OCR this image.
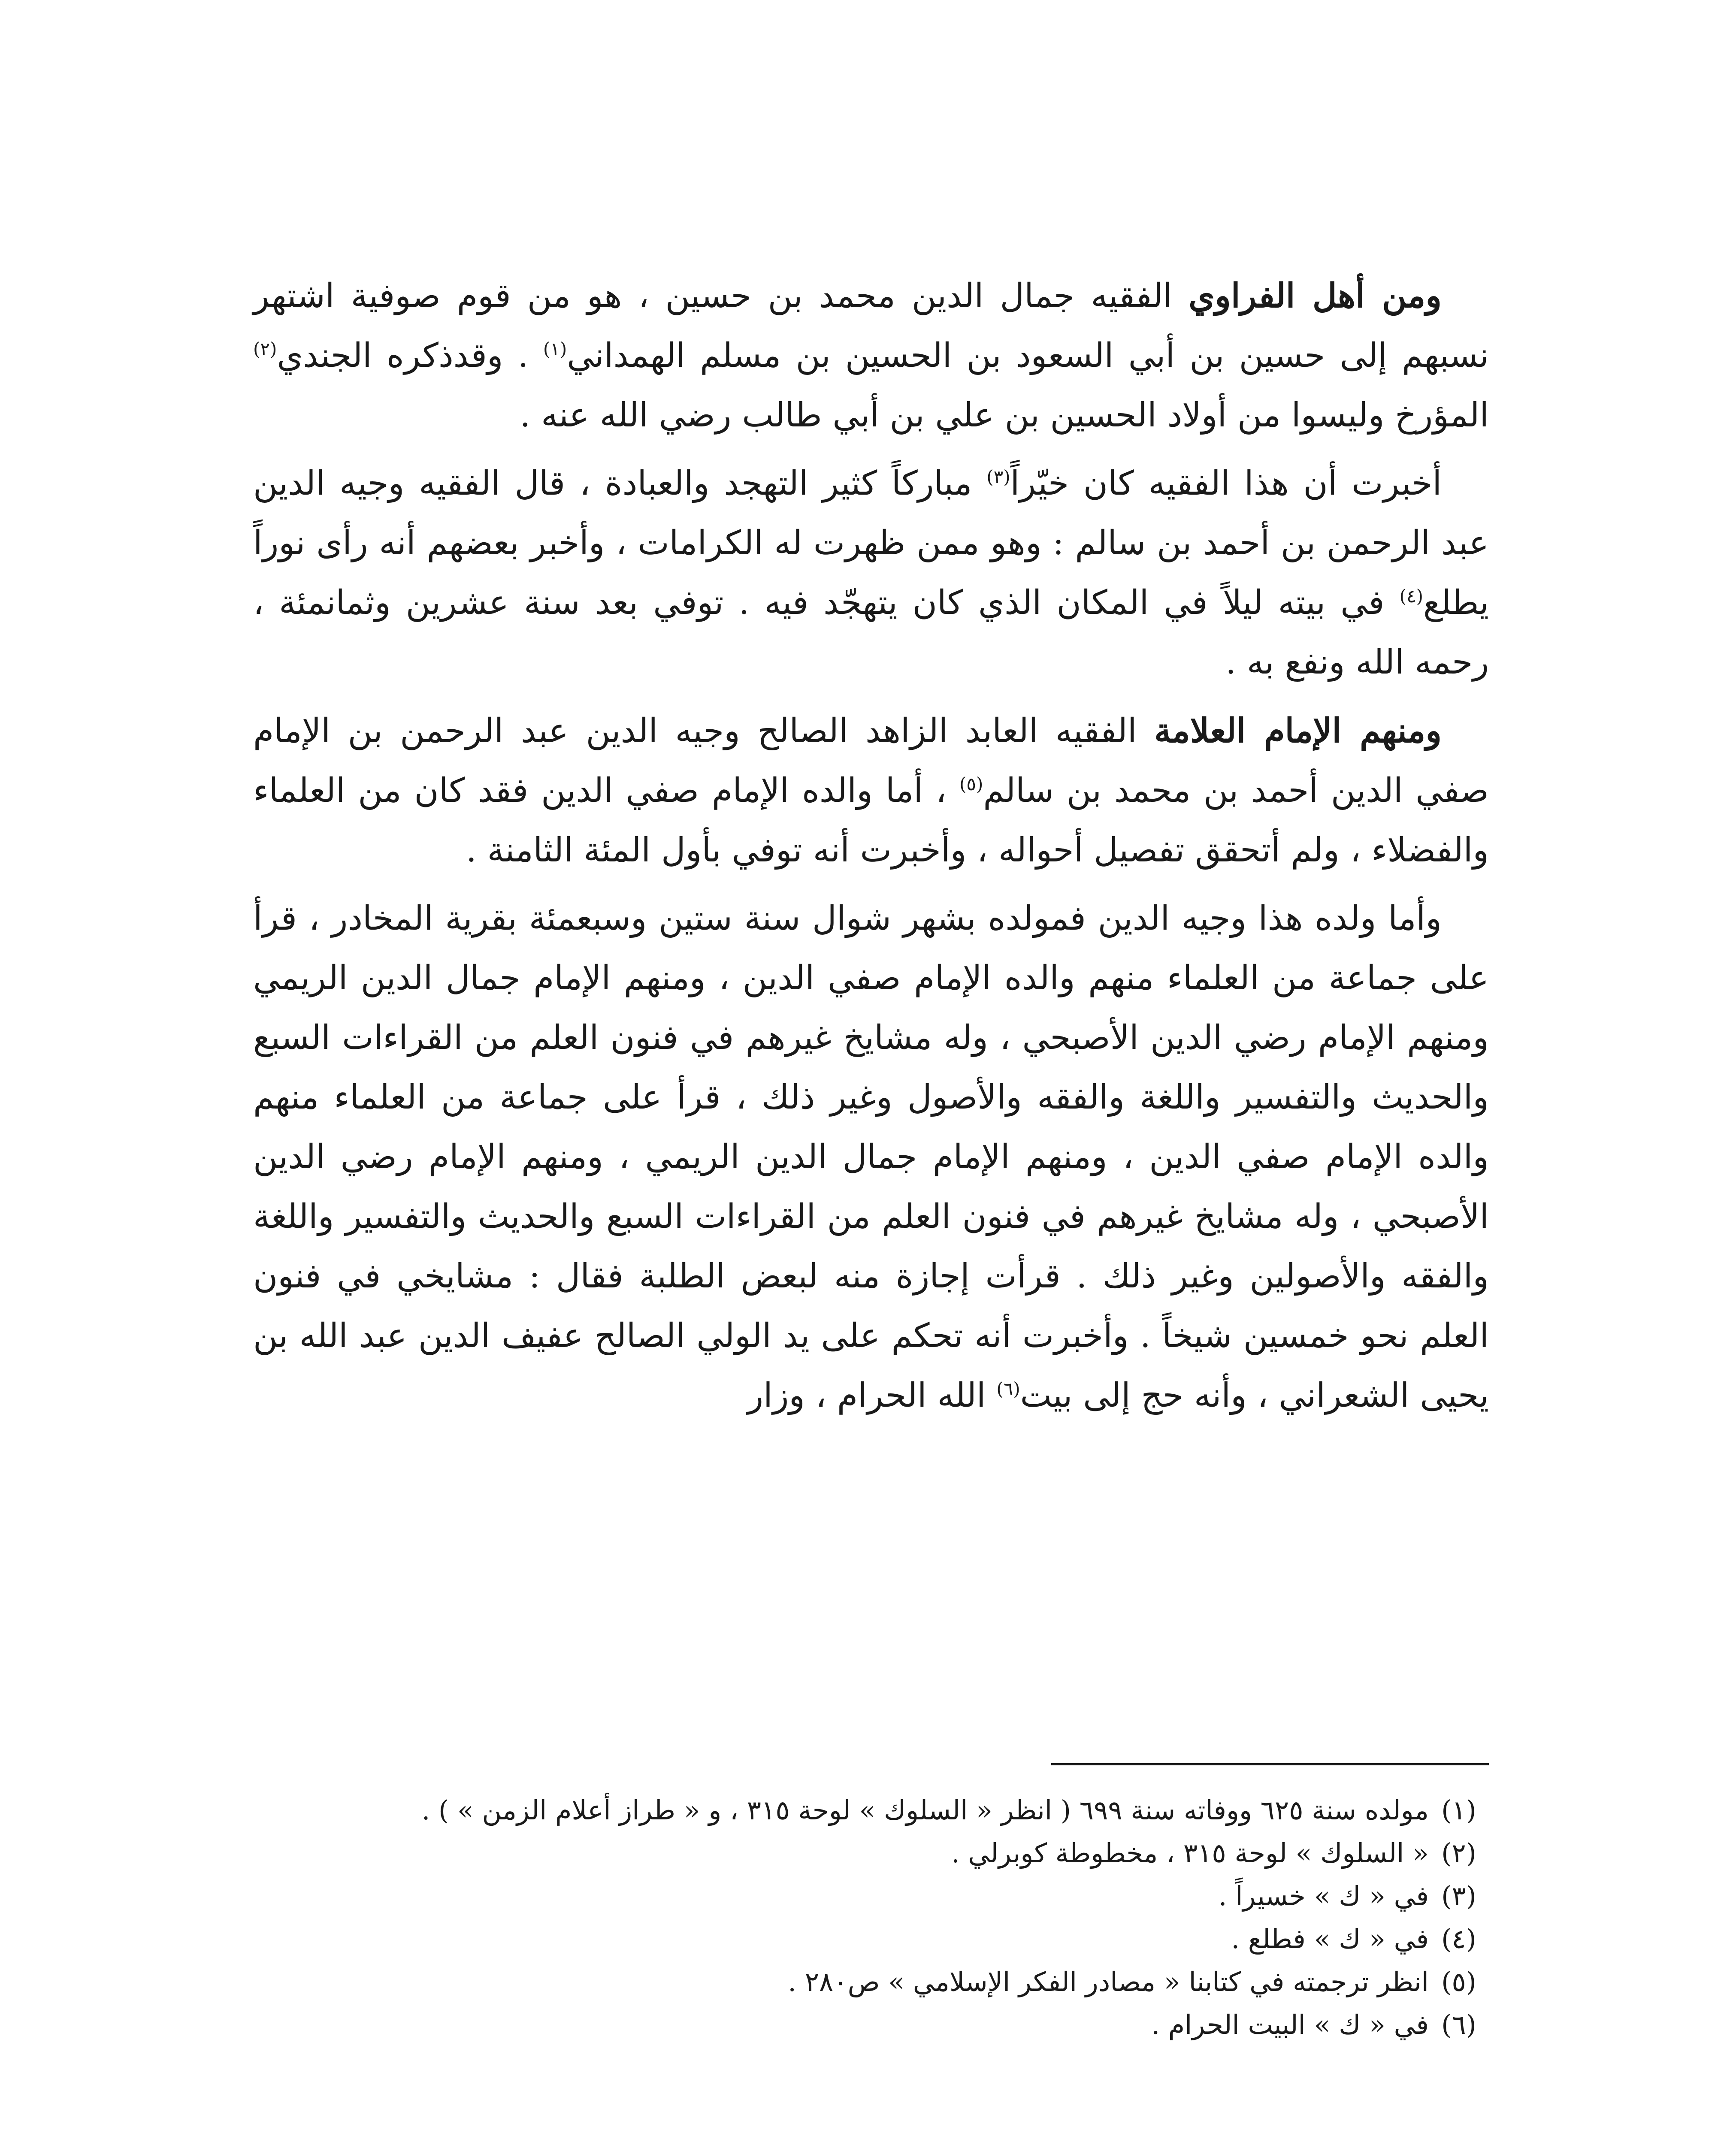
ومن أهل الفراوي الفقيه جمال الدين محمد بن حسين ، هو من قوم صوفية اشتهر نسبهم إلى حسين بن أبي السعود بن الحسين بن مسلم الهمداني$^{(١)}$ . وقدذكره الجندي$^{(٢)}$ المؤرخ وليسوا من أولاد الحسين بن علي بن أبي طالب رضي الله عنه .

أخبرت أن هذا الفقيه كان خيّراً$^{(٣)}$ مباركاً كثير التهجد والعبادة ، قال الفقيه وجيه الدين عبد الرحمن بن أحمد بن سالم : وهو ممن ظهرت له الكرامات ، وأخبر بعضهم أنه رأى نوراً يطلع$^{(٤)}$ في بيته ليلاً في المكان الذي كان يتهجّد فيه . توفي بعد سنة عشرين وثمانمئة ، رحمه الله ونفع به .

ومنهم الإمام العلامة الفقيه العابد الزاهد الصالح وجيه الدين عبد الرحمن بن الإمام صفي الدين أحمد بن محمد بن سالم$^{(٥)}$ ، أما والده الإمام صفي الدين فقد كان من العلماء والفضلاء ، ولم أتحقق تفصيل أحواله ، وأخبرت أنه توفي بأول المئة الثامنة .

وأما ولده هذا وجيه الدين فمولده بشهر شوال سنة ستين وسبعمئة بقرية المخادر ، قرأ على جماعة من العلماء منهم والده الإمام صفي الدين ، ومنهم الإمام جمال الدين الريمي ومنهم الإمام رضي الدين الأصبحي ، وله مشايخ غيرهم في فنون العلم من القراءات السبع والحديث والتفسير واللغة والفقه والأصول وغير ذلك ، قرأ على جماعة من العلماء منهم والده الإمام صفي الدين ، ومنهم الإمام جمال الدين الريمي ، ومنهم الإمام رضي الدين الأصبحي ، وله مشايخ غيرهم في فنون العلم من القراءات السبع والحديث والتفسير واللغة والفقه والأصولين وغير ذلك . قرأت إجازة منه لبعض الطلبة فقال : مشايخي في فنون العلم نحو خمسين شيخاً . وأخبرت أنه تحكم على يد الولي الصالح عفيف الدين عبد الله بن يحيى الشعراني ، وأنه حج إلى بيت$^{(٦)}$ الله الحرام ، وزار

(١)
مولده سنة ٦٢٥ ووفاته سنة ٦٩٩ ( انظر « السلوك » لوحة ٣١٥ ، و « طراز أعلام الزمن » ) .
(٢)
« السلوك » لوحة ٣١٥ ، مخطوطة كوبرلي .
(٣)
في « ك » خسيراً .
(٤)
في « ك » فطلع .
(٥)
انظر ترجمته في كتابنا « مصادر الفكر الإسلامي » ص٢٨٠ .
(٦)
في « ك » البيت الحرام .
